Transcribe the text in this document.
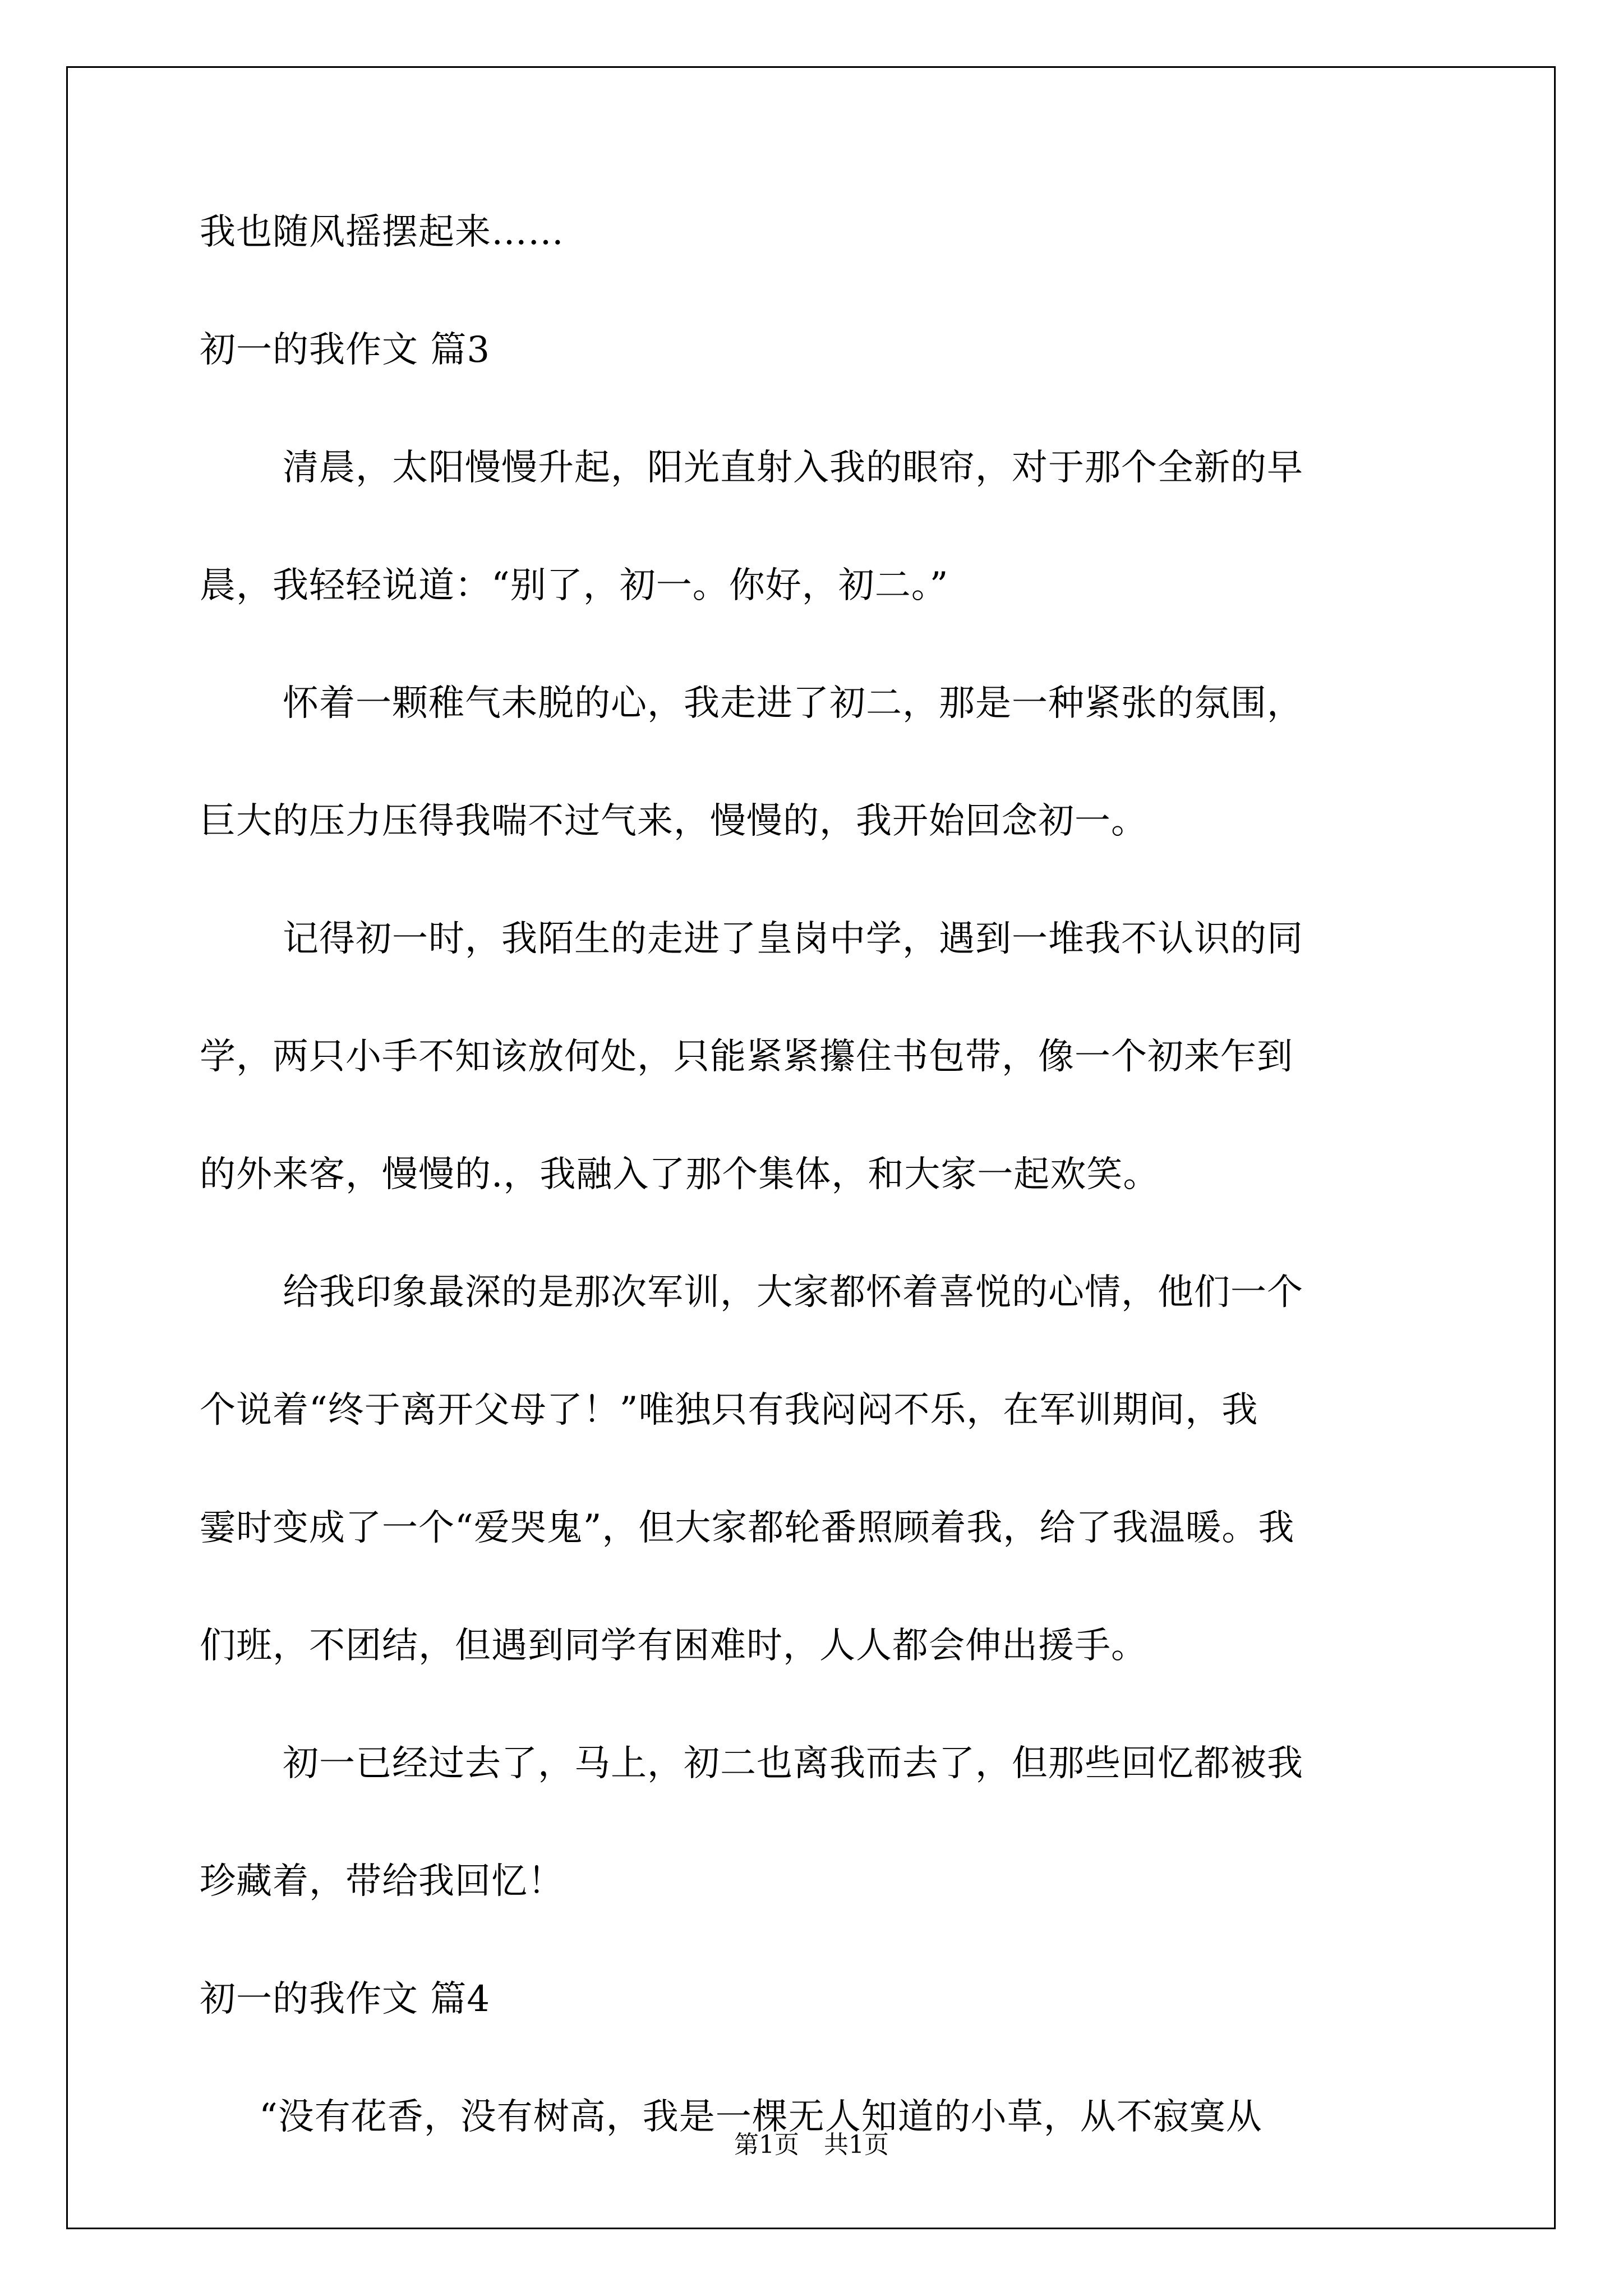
我也随风摇摆起来……

初一的我作文 篇3

清晨，太阳慢慢升起，阳光直射入我的眼帘，对于那个全新的早

晨，我轻轻说道：“别了，初一。你好，初二。”

怀着一颗稚气未脱的心，我走进了初二，那是一种紧张的氛围，

巨大的压力压得我喘不过气来，慢慢的，我开始回念初一。

记得初一时，我陌生的走进了皇岗中学，遇到一堆我不认识的同

学，两只小手不知该放何处，只能紧紧攥住书包带，像一个初来乍到

的外来客，慢慢的.，我融入了那个集体，和大家一起欢笑。

给我印象最深的是那次军训，大家都怀着喜悦的心情，他们一个

个说着“终于离开父母了！”唯独只有我闷闷不乐，在军训期间，我

霎时变成了一个“爱哭鬼”，但大家都轮番照顾着我，给了我温暖。我

们班，不团结，但遇到同学有困难时，人人都会伸出援手。

初一已经过去了，马上，初二也离我而去了，但那些回忆都被我

珍藏着，带给我回忆！

初一的我作文 篇4

“没有花香，没有树高，我是一棵无人知道的小草，从不寂寞从

第1页　共1页
